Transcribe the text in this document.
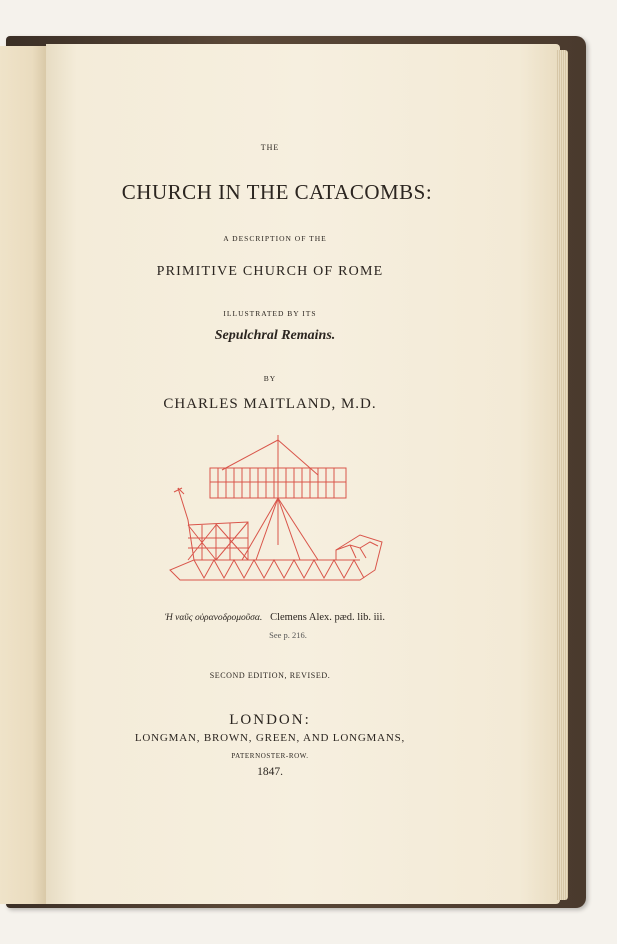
THE
CHURCH IN THE CATACOMBS:
A DESCRIPTION OF THE
PRIMITIVE CHURCH OF ROME
ILLUSTRATED BY ITS
Sepulchral Remains.
BY
CHARLES MAITLAND, M.D.
Ἡ ναῦς οὐρανοδρομοῦσα. Clemens Alex. pæd. lib. iii.
See p. 216.
SECOND EDITION, REVISED.
LONDON:
LONGMAN, BROWN, GREEN, AND LONGMANS,
PATERNOSTER-ROW.
1847.
